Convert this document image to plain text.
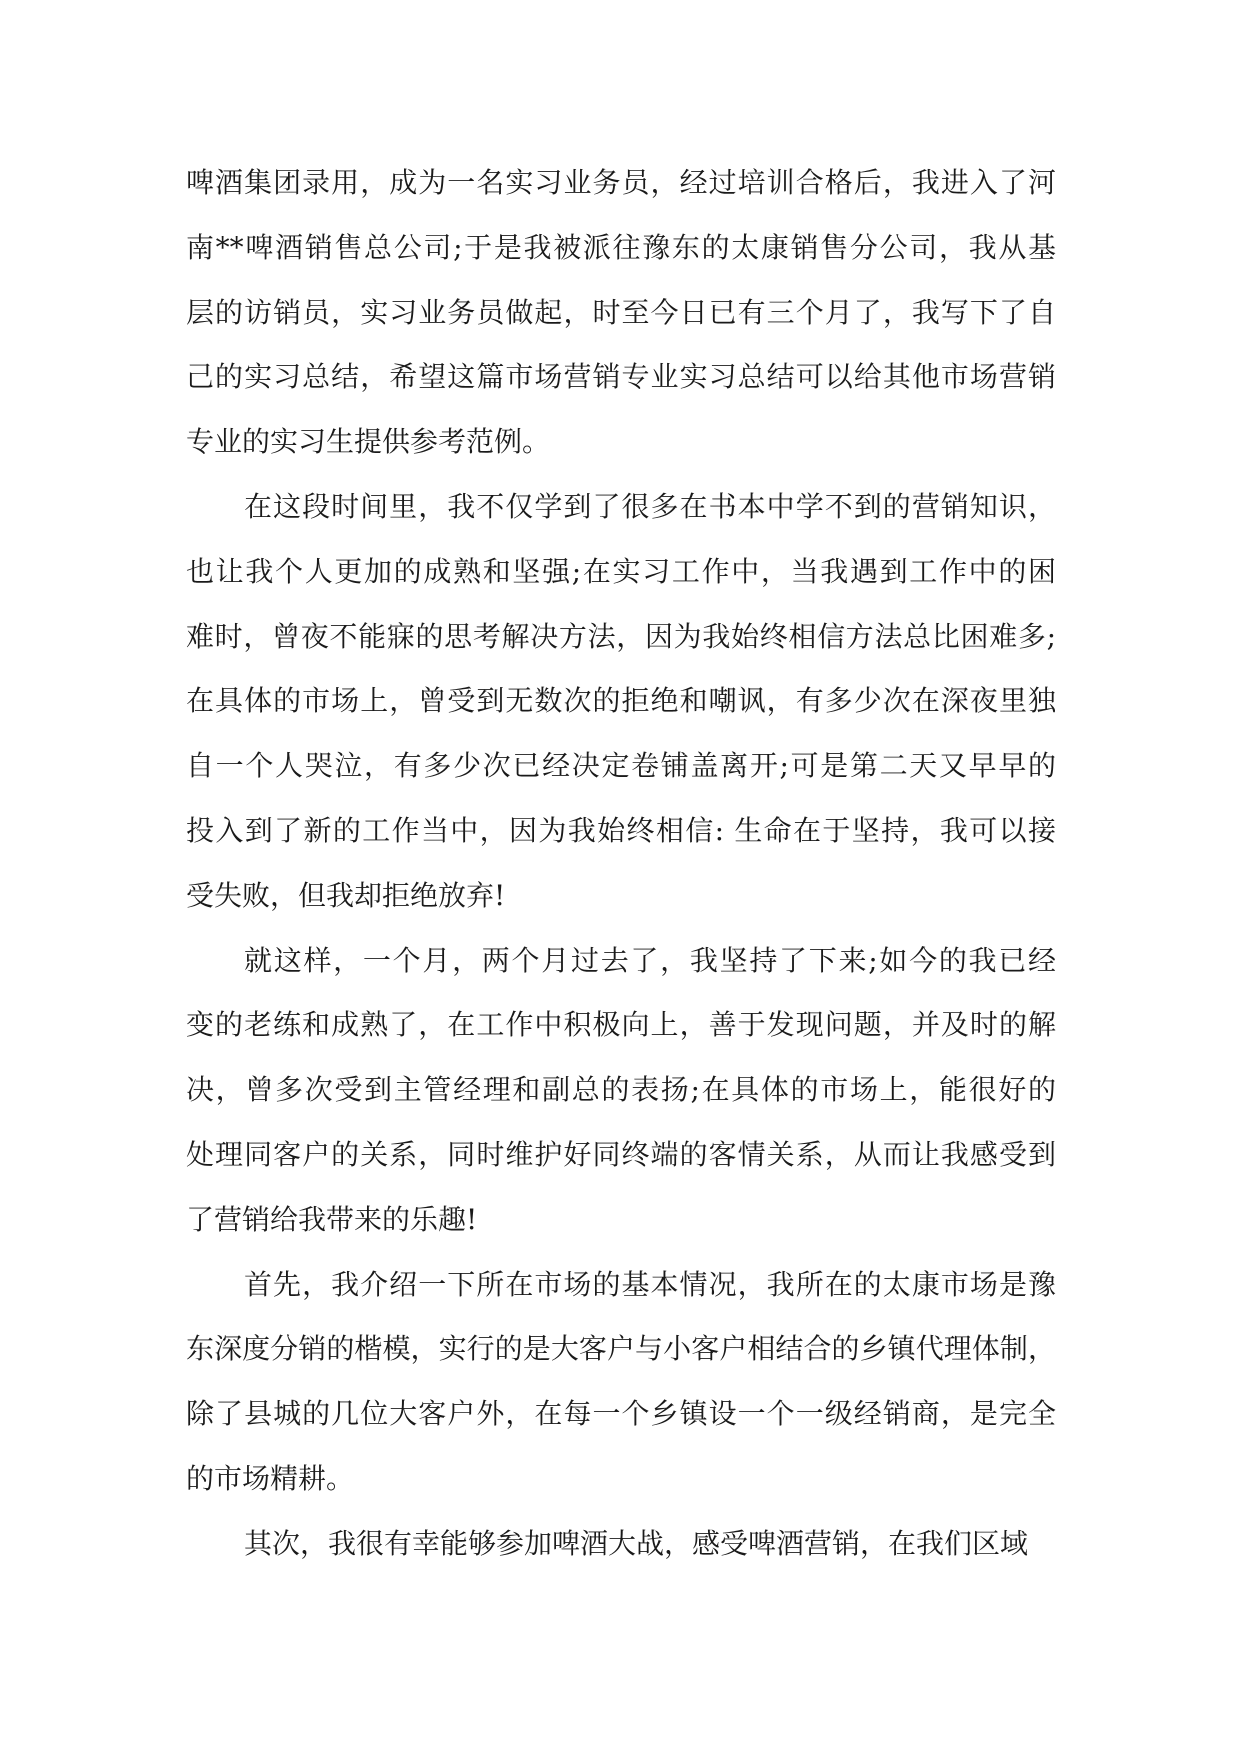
啤酒集团录用，成为一名实习业务员，经过培训合格后，我进入了河
南**啤酒销售总公司;于是我被派往豫东的太康销售分公司，我从基
层的访销员，实习业务员做起，时至今日已有三个月了，我写下了自
己的实习总结，希望这篇市场营销专业实习总结可以给其他市场营销
专业的实习生提供参考范例。
在这段时间里，我不仅学到了很多在书本中学不到的营销知识，
也让我个人更加的成熟和坚强;在实习工作中，当我遇到工作中的困
难时，曾夜不能寐的思考解决方法，因为我始终相信方法总比困难多;
在具体的市场上，曾受到无数次的拒绝和嘲讽，有多少次在深夜里独
自一个人哭泣，有多少次已经决定卷铺盖离开;可是第二天又早早的
投入到了新的工作当中，因为我始终相信: 生命在于坚持，我可以接
受失败，但我却拒绝放弃!
就这样，一个月，两个月过去了，我坚持了下来;如今的我已经
变的老练和成熟了，在工作中积极向上，善于发现问题，并及时的解
决，曾多次受到主管经理和副总的表扬;在具体的市场上，能很好的
处理同客户的关系，同时维护好同终端的客情关系，从而让我感受到
了营销给我带来的乐趣!
首先，我介绍一下所在市场的基本情况，我所在的太康市场是豫
东深度分销的楷模，实行的是大客户与小客户相结合的乡镇代理体制，
除了县城的几位大客户外，在每一个乡镇设一个一级经销商，是完全
的市场精耕。
其次，我很有幸能够参加啤酒大战，感受啤酒营销，在我们区域
